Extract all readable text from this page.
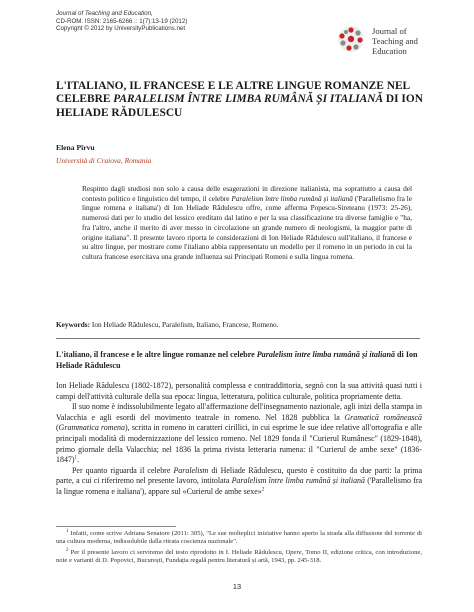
Journal of Teaching and Education,
CD-ROM. ISSN: 2165-6266 :: 1(7):13-19 (2012)
Copyright © 2012 by UniversityPublications.net	Journal of
Teaching and
Education
L'ITALIANO, IL FRANCESE E LE ALTRE LINGUE ROMANZE NEL CELEBRE PARALELISM ÎNTRE LIMBA RUMÂNĂ ȘI ITALIANĂ DI ION HELIADE RĂDULESCU
Elena Pîrvu
Università di Craiova, Romania
Respinto dagli studiosi non solo a causa delle esagerazioni in direzione italianista, ma soprattutto a causa del contesto politico e linguistico del tempo, il celebre Paralelism între limba rumână și italiană ('Parallelismo fra le lingue romena e italiana') di Ion Heliade Rădulescu offre, come afferma Popescu-Sireteanu (1973: 25-26), numerosi dati per lo studio del lessico ereditato dal latino e per la sua classificazione tra diverse famiglie e "ha, fra l'altro, anche il merito di aver messo in circolazione un grande numero di neologismi, la maggior parte di origine italiana". Il presente lavoro riporta le considerazioni di Ion Heliade Rădulescu sull'italiano, il francese e su altre lingue, per mostrare come l'italiano abbia rappresentato un modello per il romeno in un periodo in cui la cultura francese esercitava una grande influenza sui Principati Romeni e sulla lingua romena.
Keywords: Ion Heliade Rădulescu, Paralelism, Italiano, Francese, Romeno.
L'italiano, il francese e le altre lingue romanze nel celebre Paralelism între limba rumână și italiană di Ion Heliade Rădulescu

Ion Heliade Rădulescu (1802-1872), personalità complessa e contraddittoria, segnò con la sua attività quasi tutti i campi dell'attività culturale della sua epoca: lingua, letteratura, politica culturale, politica propriamente detta.

Il suo nome è indissolubilmente legato all'affermazione dell'insegnamento nazionale, agli inizi della stampa in Valacchia e agli esordi del movimento teatrale in romeno. Nel 1828 pubblica la Gramatică românească (Grammatica romena), scritta in romeno in caratteri cirillici, in cui esprime le sue idee relative all'ortografia e alle principali modalità di modernizzazione del lessico romeno. Nel 1829 fonda il "Curierul Rumânesc" (1829-1848), primo giornale della Valacchia; nel 1836 la prima rivista letteraria rumena: il "Curierul de ambe sexe" (1836-1847)$^1$.

Per quanto riguarda il celebre Paralelism di Heliade Rădulescu, questo è costituito da due parti: la prima parte, a cui ci riferiremo nel presente lavoro, intitolata Paralelism între limba rumână și italiană ('Parallelismo fra la lingue romena e italiana'), appare sul «Curierul de ambe sexe»$^2$

$^1$ Infatti, come scrive Adriana Senatore (2011: 305), "Le sue molteplici iniziative hanno aperto la strada alla diffusione del torrente di una cultura moderna, indissolubile dalla ritrata coscienza nazionale".

$^2$ Per il presente lavoro ci serviremo del testo riprodotto in I. Heliade Rădulescu, Opere, Tomo II, edizione critica, con introduzione, note e varianti di D. Popovici, București, Fundația regală pentru literatură și artă, 1943, pp. 245-318.

13
